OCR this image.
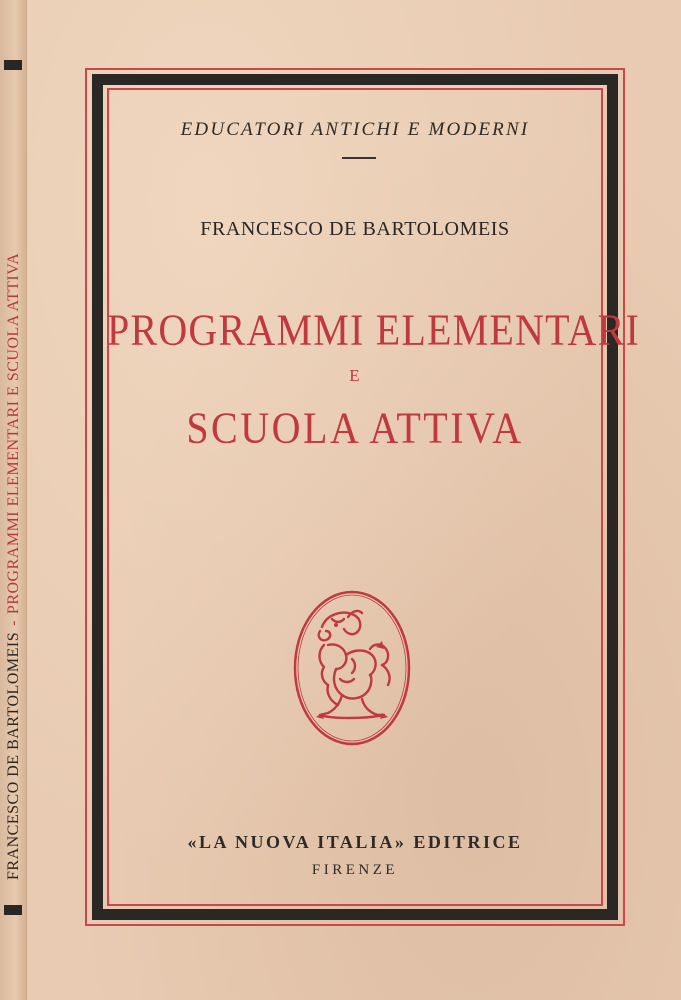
FRANCESCO DE BARTOLOMEIS-PROGRAMMI ELEMENTARI E SCUOLA ATTIVA
EDUCATORI ANTICHI E MODERNI
FRANCESCO DE BARTOLOMEIS
PROGRAMMI ELEMENTARI
E
SCUOLA ATTIVA
«LA NUOVA ITALIA» EDITRICE
FIRENZE
